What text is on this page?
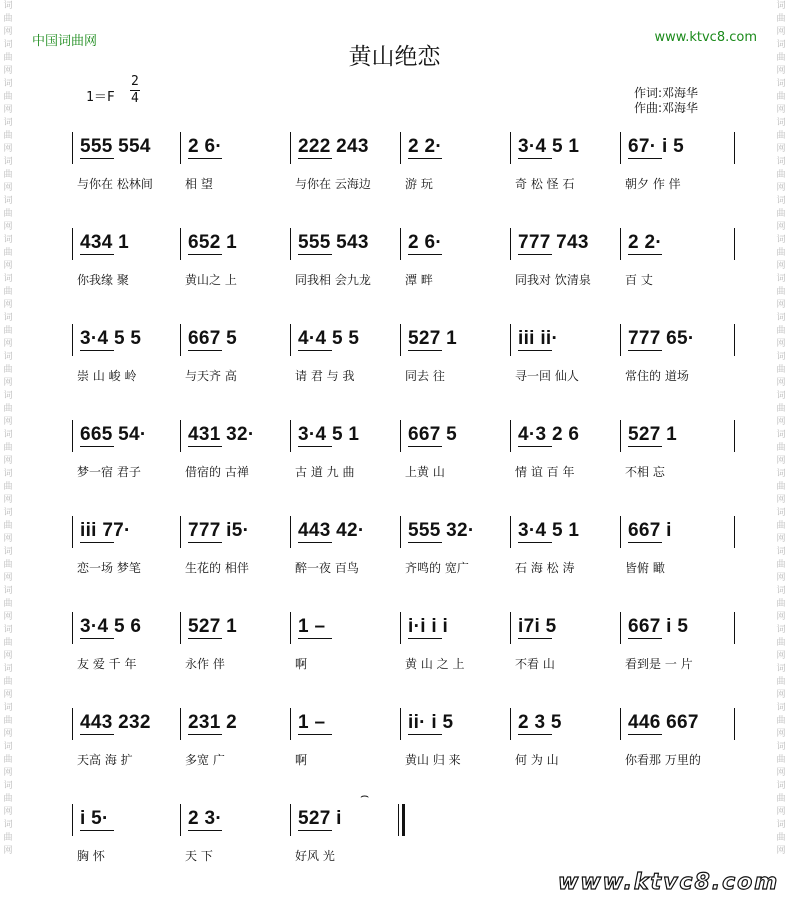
词曲网词曲网词曲网词曲网词曲网词曲网词曲网词曲网词曲网词曲网词曲网词曲网词曲网词曲网词曲网词曲网词曲网词曲网词曲网词曲网词曲网词曲网
词曲网词曲网词曲网词曲网词曲网词曲网词曲网词曲网词曲网词曲网词曲网词曲网词曲网词曲网词曲网词曲网词曲网词曲网词曲网词曲网词曲网词曲网
中国词曲网	www.ktvc8.com
黄山绝恋
1＝F
2
4	作词:邓海华
作曲:邓海华
555 554
与你在 松林间
2 6·
相 望
222 243
与你在 云海边
2 2·
游 玩
3·4 5 1
奇 松 怪 石
67· i 5
朝夕 作 伴
434 1
你我缘 聚
652 1
黄山之 上
555 543
同我相 会九龙
2 6·
潭 畔
777 743
同我对 饮清泉
2 2·
百 丈
3·4 5 5
崇 山 峻 岭
667 5
与天齐 高
4·4 5 5
请 君 与 我
527 1
同去 往
iii ii·
寻一回 仙人
777 65·
常住的 道场
665 54·
梦一宿 君子
431 32·
借宿的 古禅
3·4 5 1
古 道 九 曲
667 5
上黄 山
4·3 2 6
情 谊 百 年
527 1
不相 忘
iii 77·
恋一场 梦笔
777 i5·
生花的 相伴
443 42·
醉一夜 百鸟
555 32·
齐鸣的 宽广
3·4 5 1
石 海 松 涛
667 i
皆俯 瞰
3·4 5 6
友 爱 千 年
527 1
永作 伴
1 –
啊
i·i i i
黄 山 之 上
i7i 5
不看 山
667 i 5
看到是 一 片
443 232
天高 海 扩
231 2
多宽 广
1 –
啊
ii· i 5
黄山 归 来
2 3 5
何 为 山
446 667
你看那 万里的
i 5·
胸 怀
2 3·
天 下
527 i
好风 光
⌢
www.ktvc8.com
